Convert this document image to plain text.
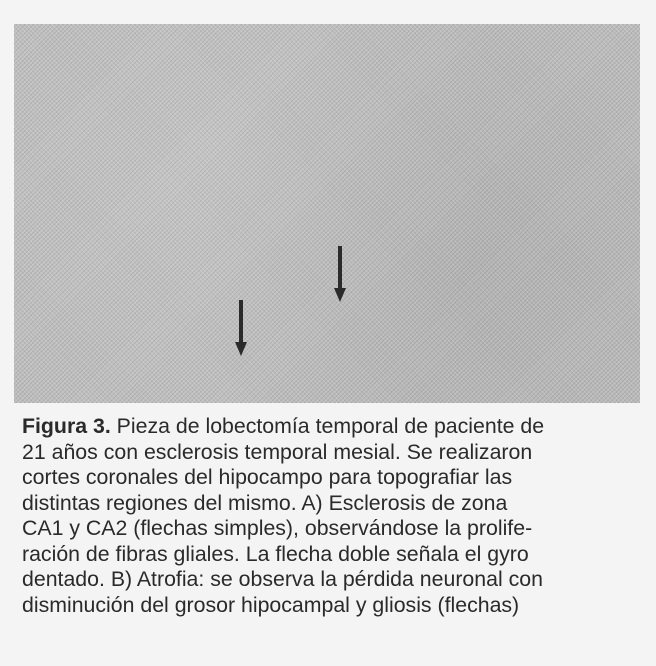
Figura 3. Pieza de lobectomía temporal de paciente de
21 años con esclerosis temporal mesial. Se realizaron
cortes coronales del hipocampo para topografiar las
distintas regiones del mismo. A) Esclerosis de zona
CA1 y CA2 (flechas simples), observándose la prolife-
ración de fibras gliales. La flecha doble señala el gyro
dentado. B) Atrofia: se observa la pérdida neuronal con
disminución del grosor hipocampal y gliosis (flechas)
